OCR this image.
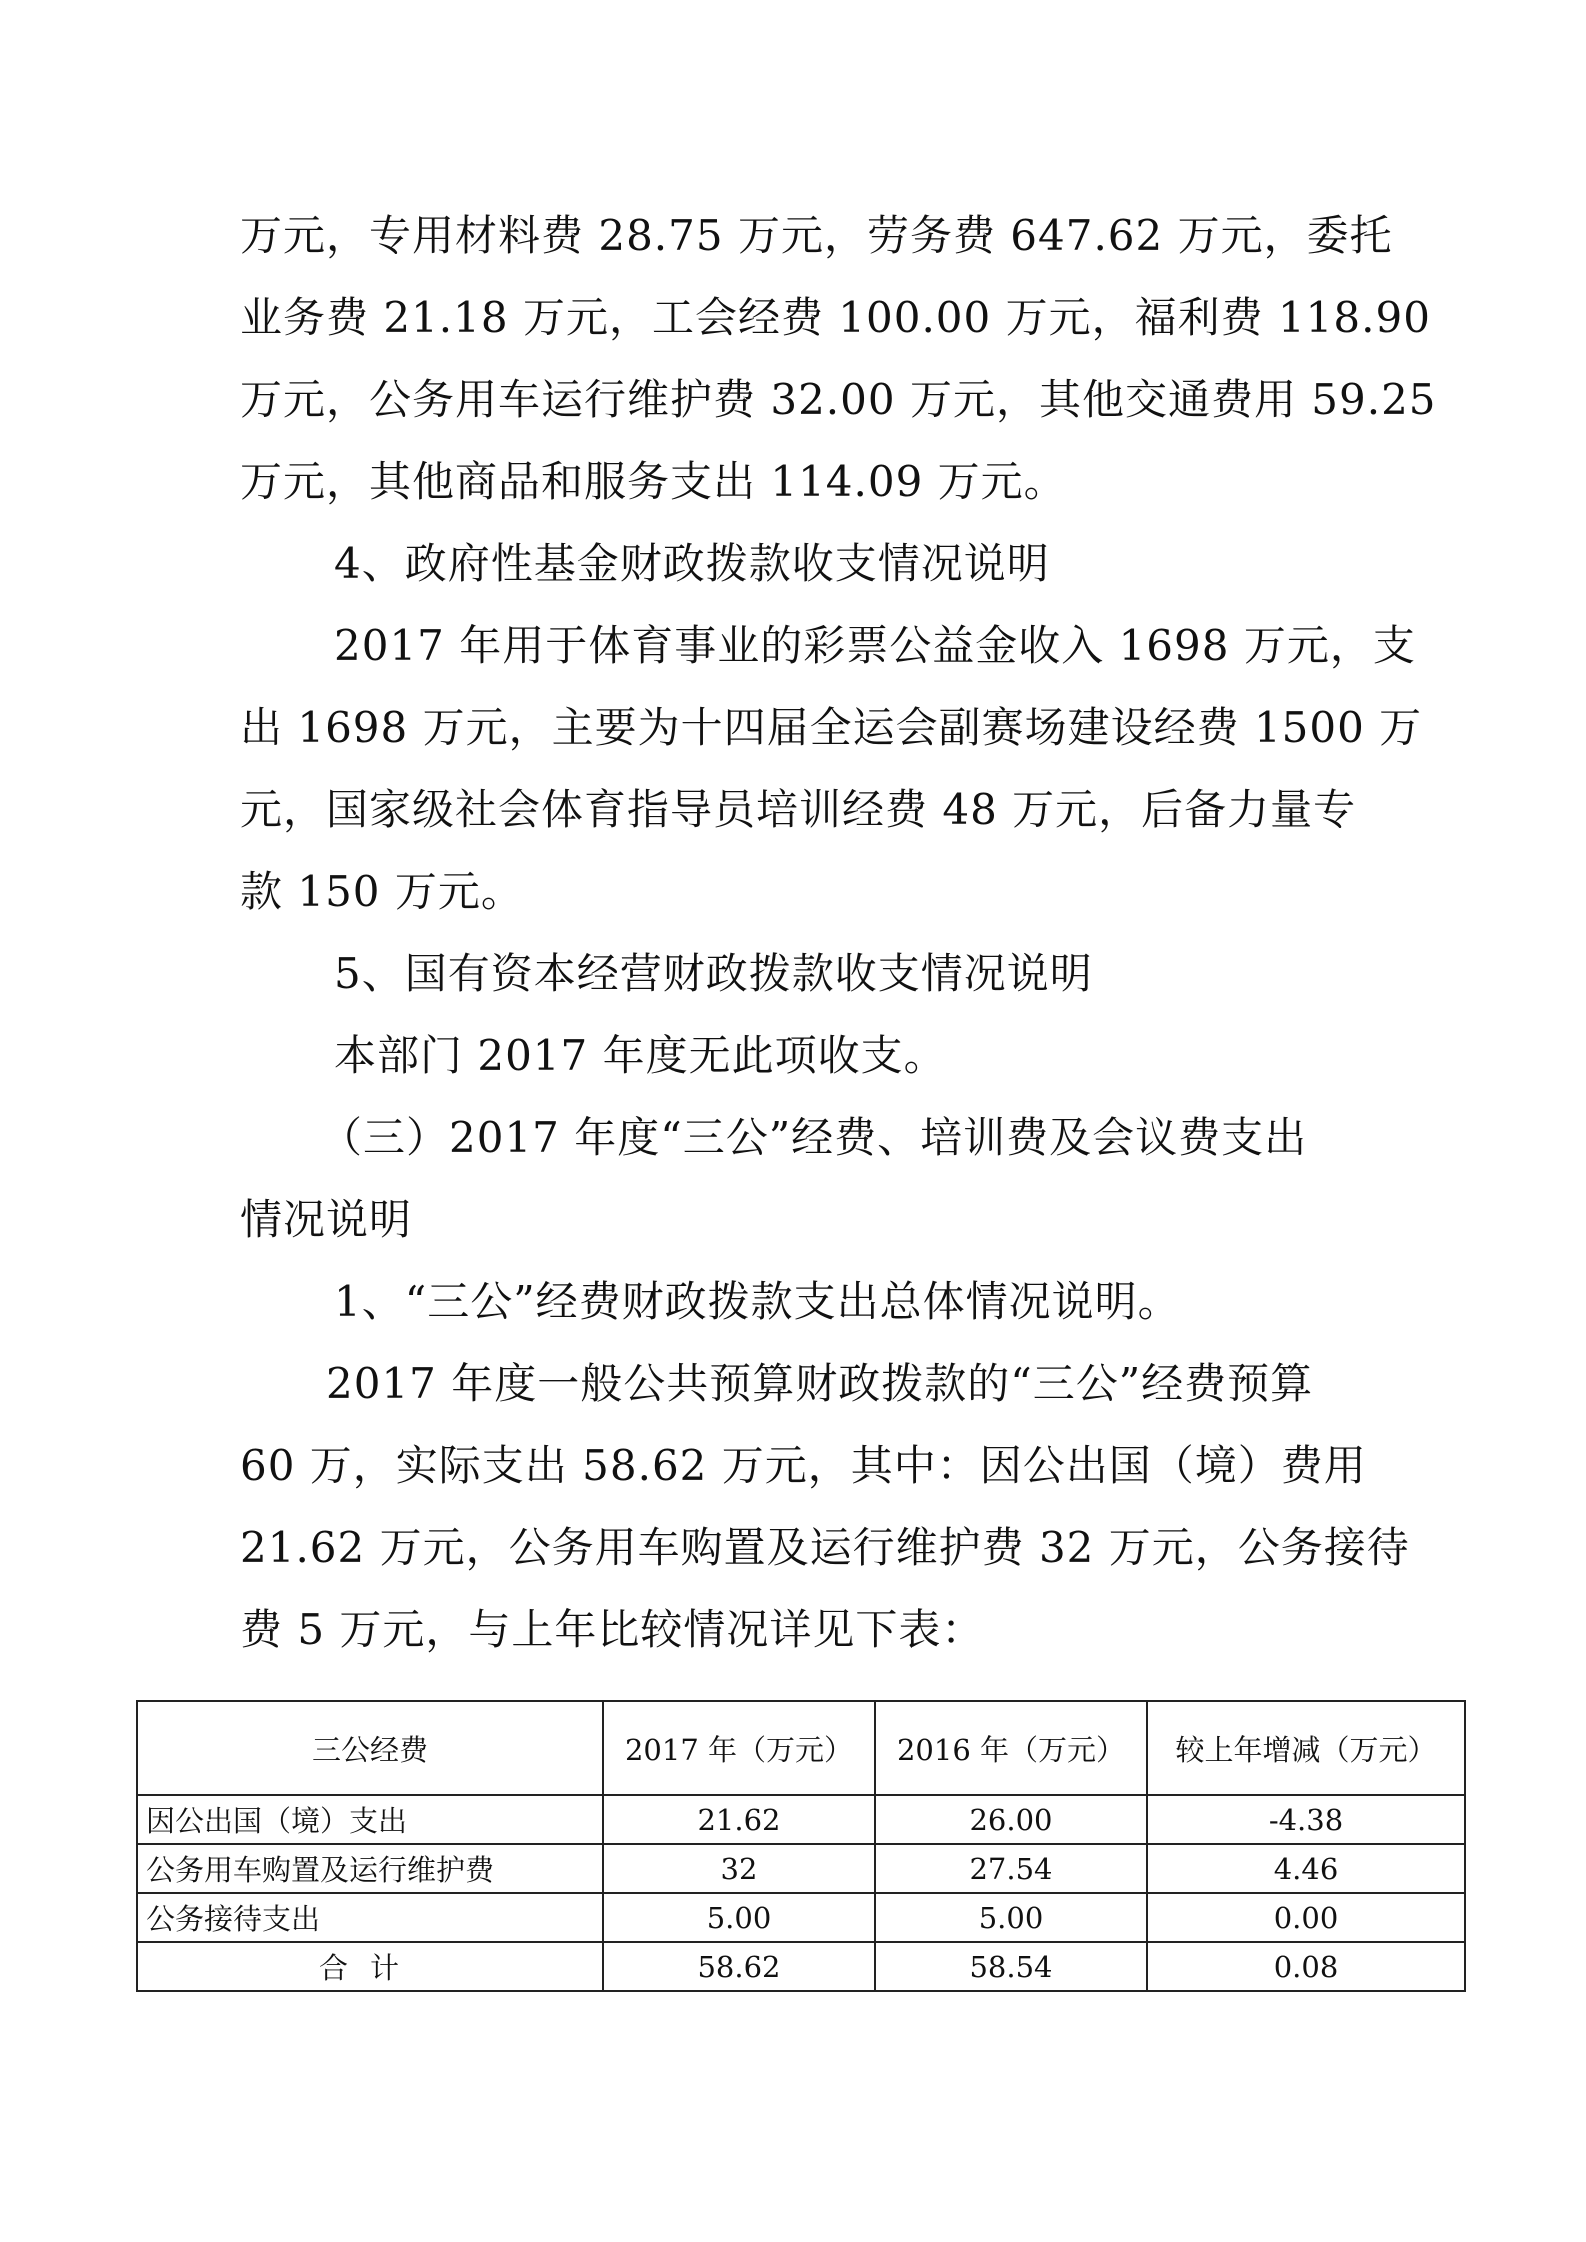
万元，专用材料费 28.75 万元，劳务费 647.62 万元，委托
业务费 21.18 万元，工会经费 100.00 万元，福利费 118.90
万元，公务用车运行维护费 32.00 万元，其他交通费用 59.25
万元，其他商品和服务支出 114.09 万元。
4、政府性基金财政拨款收支情况说明
2017 年用于体育事业的彩票公益金收入 1698 万元，支
出 1698 万元，主要为十四届全运会副赛场建设经费 1500 万
元，国家级社会体育指导员培训经费 48 万元，后备力量专
款 150 万元。
5、国有资本经营财政拨款收支情况说明
本部门 2017 年度无此项收支。
（三）2017 年度“三公”经费、培训费及会议费支出
情况说明
1、“三公”经费财政拨款支出总体情况说明。
2017 年度一般公共预算财政拨款的“三公”经费预算
60 万，实际支出 58.62 万元，其中：因公出国（境）费用
21.62 万元，公务用车购置及运行维护费 32 万元，公务接待
费 5 万元，与上年比较情况详见下表：
三公经费	2017 年（万元）	2016 年（万元）	较上年增减（万元）
因公出国（境）支出	21.62	26.00	-4.38
公务用车购置及运行维护费	32	27.54	4.46
公务接待支出	5.00	5.00	0.00
合计	58.62	58.54	0.08
